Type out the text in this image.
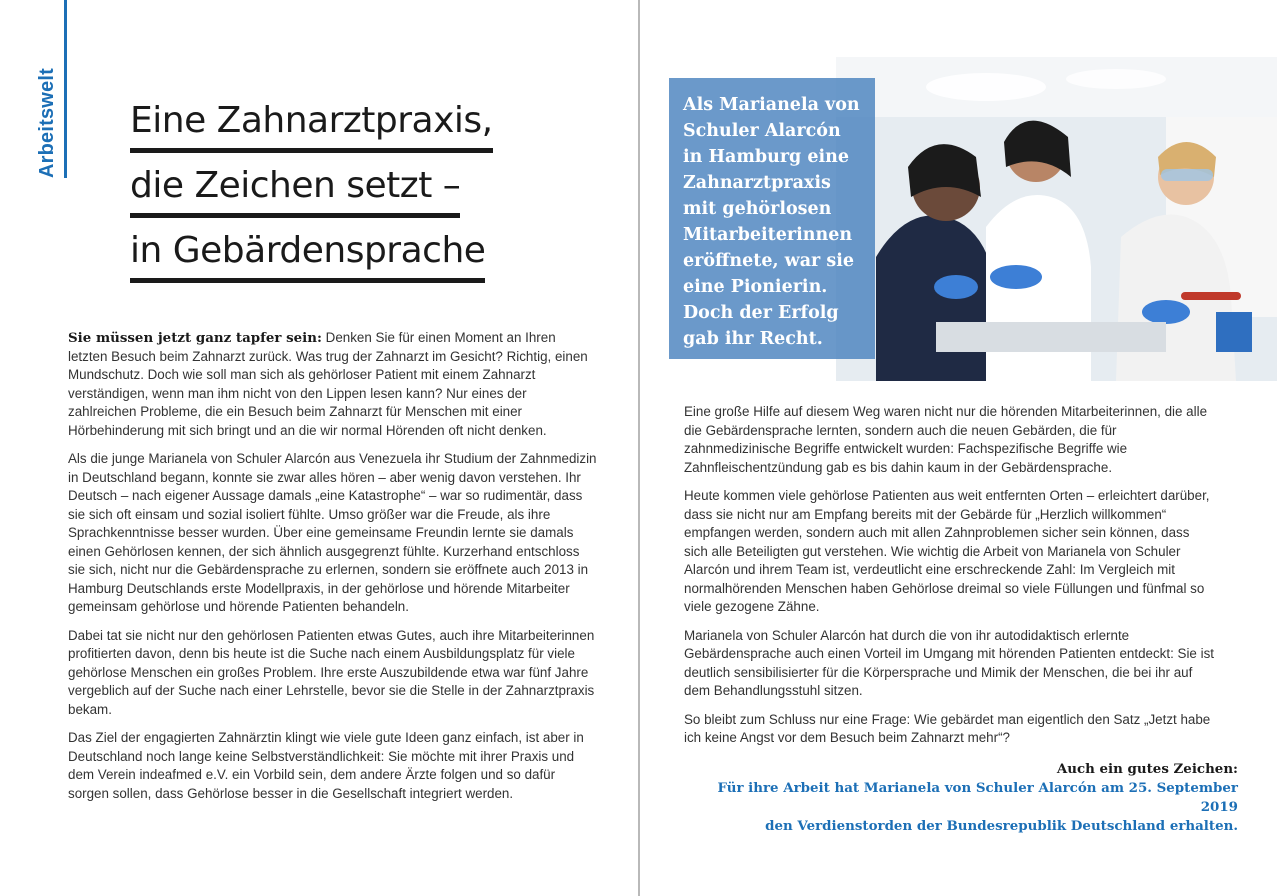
Arbeitswelt Eine Zahnarztpraxis,
die Zeichen setzt –
in Gebärdensprache

Sie müssen jetzt ganz tapfer sein: Denken Sie für einen Moment an Ihren letzten Besuch beim Zahnarzt zurück. Was trug der Zahnarzt im Gesicht? Richtig, einen Mundschutz. Doch wie soll man sich als gehörloser Patient mit einem Zahnarzt verständigen, wenn man ihm nicht von den Lippen lesen kann? Nur eines der zahlreichen Probleme, die ein Besuch beim Zahnarzt für Menschen mit einer Hörbehinderung mit sich bringt und an die wir normal Hörenden oft nicht denken.

Als die junge Marianela von Schuler Alarcón aus Venezuela ihr Studium der Zahnmedizin in Deutschland begann, konnte sie zwar alles hören – aber wenig davon verstehen. Ihr Deutsch – nach eigener Aussage damals „eine Katastrophe“ – war so rudimentär, dass sie sich oft einsam und sozial isoliert fühlte. Umso größer war die Freude, als ihre Sprachkenntnisse besser wurden. Über eine gemeinsame Freundin lernte sie damals einen Gehörlosen kennen, der sich ähnlich ausgegrenzt fühlte. Kurzerhand entschloss sie sich, nicht nur die Gebärdensprache zu erlernen, sondern sie eröffnete auch 2013 in Hamburg Deutschlands erste Modellpraxis, in der gehörlose und hörende Mitarbeiter gemeinsam gehörlose und hörende Patienten behandeln.

Dabei tat sie nicht nur den gehörlosen Patienten etwas Gutes, auch ihre Mitarbeiterinnen profitierten davon, denn bis heute ist die Suche nach einem Ausbildungsplatz für viele gehörlose Menschen ein großes Problem. Ihre erste Auszubildende etwa war fünf Jahre vergeblich auf der Suche nach einer Lehrstelle, bevor sie die Stelle in der Zahnarztpraxis bekam.

Das Ziel der engagierten Zahnärztin klingt wie viele gute Ideen ganz einfach, ist aber in Deutschland noch lange keine Selbstverständlichkeit: Sie möchte mit ihrer Praxis und dem Verein indeafmed e.V. ein Vorbild sein, dem andere Ärzte folgen und so dafür sorgen sollen, dass Gehörlose besser in die Gesellschaft integriert werden.

Als Marianela von Schuler Alarcón in Hamburg eine Zahnarztpraxis mit gehörlosen Mitarbeiterinnen eröffnete, war sie eine Pionierin. Doch der Erfolg gab ihr Recht.

Eine große Hilfe auf diesem Weg waren nicht nur die hörenden Mitarbeiterinnen, die alle die Gebärdensprache lernten, sondern auch die neuen Gebärden, die für zahnmedizinische Begriffe entwickelt wurden: Fachspezifische Begriffe wie Zahnfleischentzündung gab es bis dahin kaum in der Gebärdensprache.

Heute kommen viele gehörlose Patienten aus weit entfernten Orten – erleichtert darüber, dass sie nicht nur am Empfang bereits mit der Gebärde für „Herzlich willkommen“ empfangen werden, sondern auch mit allen Zahnproblemen sicher sein können, dass sich alle Beteiligten gut verstehen. Wie wichtig die Arbeit von Marianela von Schuler Alarcón und ihrem Team ist, verdeutlicht eine erschreckende Zahl: Im Vergleich mit normalhörenden Menschen haben Gehörlose dreimal so viele Füllungen und fünfmal so viele gezogene Zähne.

Marianela von Schuler Alarcón hat durch die von ihr autodidaktisch erlernte Gebärdensprache auch einen Vorteil im Umgang mit hörenden Patienten entdeckt: Sie ist deutlich sensibilisierter für die Körpersprache und Mimik der Menschen, die bei ihr auf dem Behandlungsstuhl sitzen.

So bleibt zum Schluss nur eine Frage: Wie gebärdet man eigentlich den Satz „Jetzt habe ich keine Angst vor dem Besuch beim Zahnarzt mehr“?

Auch ein gutes Zeichen:
Für ihre Arbeit hat Marianela von Schuler Alarcón am 25. September 2019
den Verdienstorden der Bundesrepublik Deutschland erhalten.
